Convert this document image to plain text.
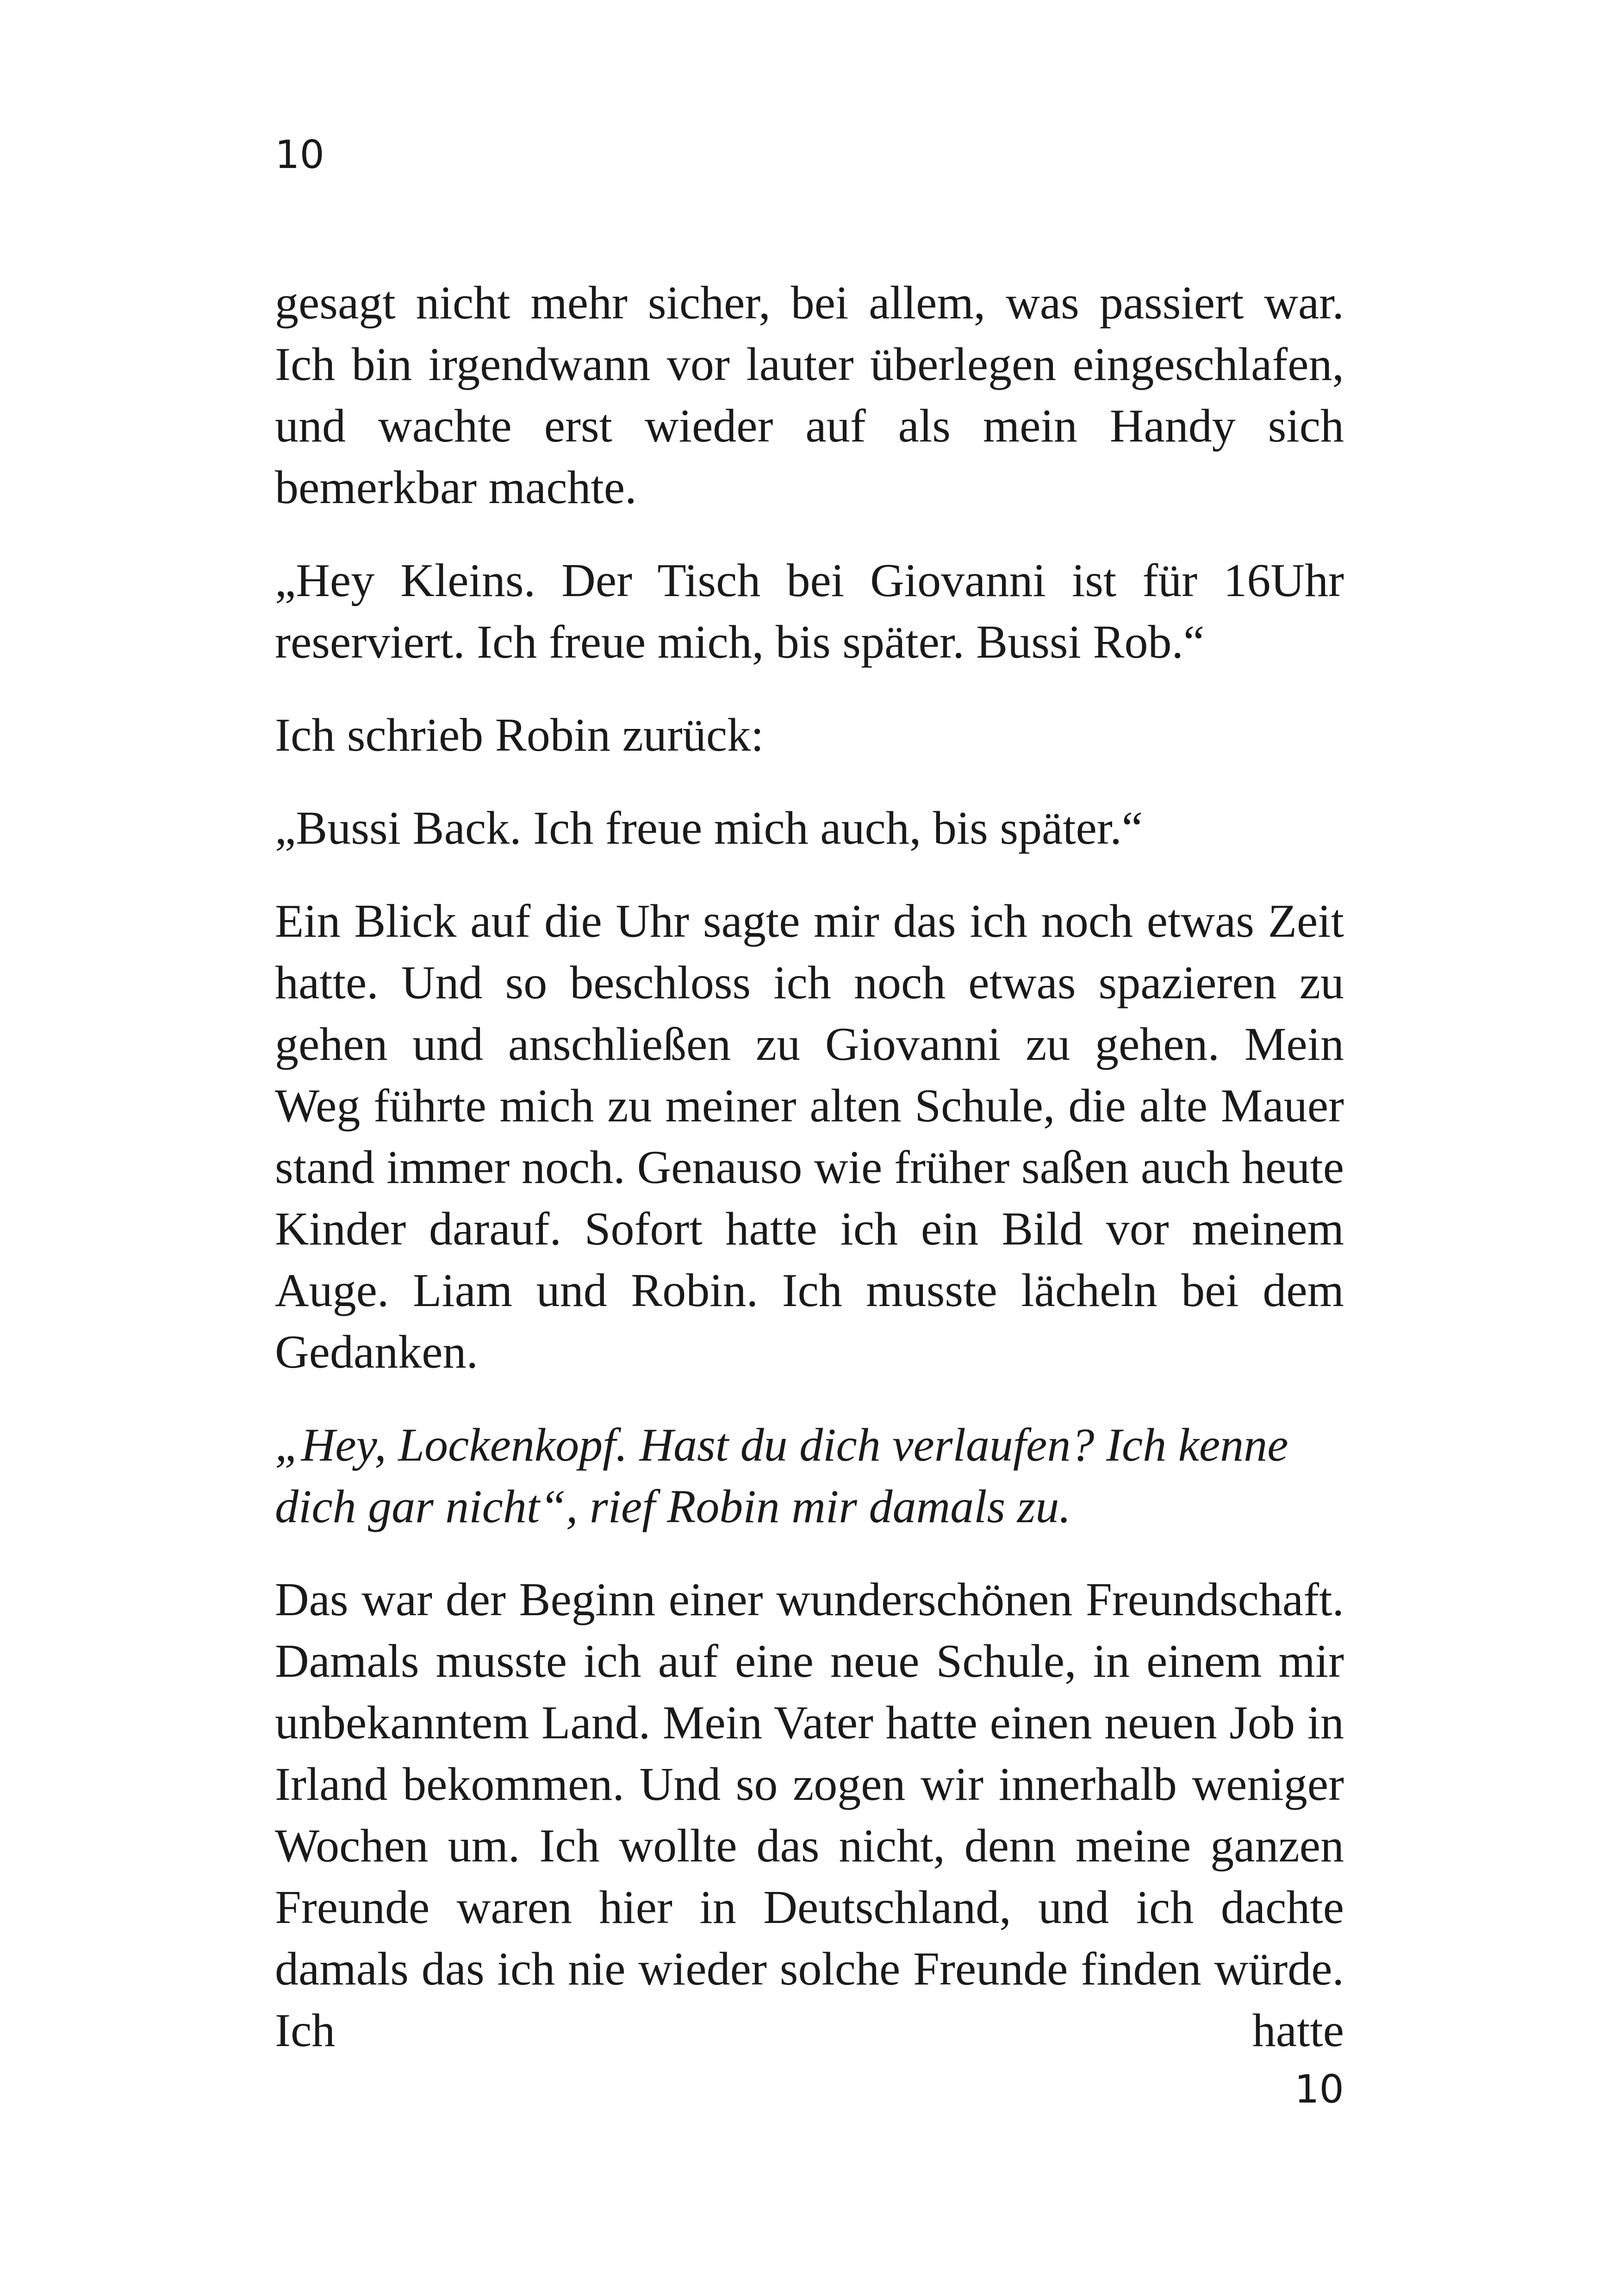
10

gesagt nicht mehr sicher, bei allem, was passiert war. Ich bin irgendwann vor lauter überlegen eingeschlafen, und wachte erst wieder auf als mein Handy sich bemerkbar machte.

„Hey Kleins. Der Tisch bei Giovanni ist für 16Uhr reserviert. Ich freue mich, bis später. Bussi Rob.“

Ich schrieb Robin zurück:

„Bussi Back. Ich freue mich auch, bis später.“

Ein Blick auf die Uhr sagte mir das ich noch etwas Zeit hatte. Und so beschloss ich noch etwas spazieren zu gehen und anschließen zu Giovanni zu gehen. Mein Weg führte mich zu meiner alten Schule, die alte Mauer stand immer noch. Genauso wie früher saßen auch heute Kinder darauf. Sofort hatte ich ein Bild vor meinem Auge. Liam und Robin. Ich musste lächeln bei dem Gedanken.

„Hey, Lockenkopf. Hast du dich verlaufen? Ich kenne dich gar nicht“, rief Robin mir damals zu.

Das war der Beginn einer wunderschönen Freundschaft. Damals musste ich auf eine neue Schule, in einem mir unbekanntem Land. Mein Vater hatte einen neuen Job in Irland bekommen. Und so zogen wir innerhalb weniger Wochen um. Ich wollte das nicht, denn meine ganzen Freunde waren hier in Deutschland, und ich dachte damals das ich nie wieder solche Freunde finden würde. Ich hatte

10
